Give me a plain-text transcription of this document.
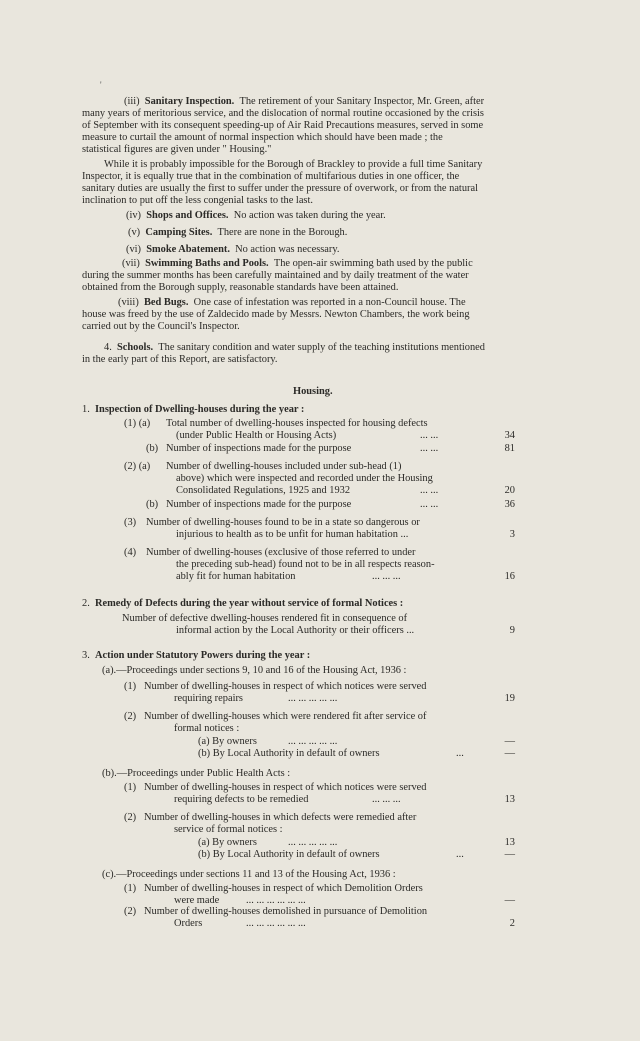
'
(iii) Sanitary Inspection. The retirement of your Sanitary Inspector, Mr. Green, after
many years of meritorious service, and the dislocation of normal routine occasioned by the crisis
of September with its consequent speeding-up of Air Raid Precautions measures, served in some
measure to curtail the amount of normal inspection which should have been made ; the
statistical figures are given under " Housing."
While it is probably impossible for the Borough of Brackley to provide a full time Sanitary
Inspector, it is equally true that in the combination of multifarious duties in one officer, the
sanitary duties are usually the first to suffer under the pressure of overwork, or from the natural
inclination to put off the less congenial tasks to the last.
(iv) Shops and Offices. No action was taken during the year.
(v) Camping Sites. There are none in the Borough.
(vi) Smoke Abatement. No action was necessary.
(vii) Swimming Baths and Pools. The open-air swimming bath used by the public
during the summer months has been carefully maintained and by daily treatment of the water
obtained from the Borough supply, reasonable standards have been attained.
(viii) Bed Bugs. One case of infestation was reported in a non-Council house. The
house was freed by the use of Zaldecido made by Messrs. Newton Chambers, the work being
carried out by the Council's Inspector.
4. Schools. The sanitary condition and water supply of the teaching institutions mentioned
in the early part of this Report, are satisfactory.
Housing.
1. Inspection of Dwelling-houses during the year :
(1) (a) Total number of dwelling-houses inspected for housing defects
(under Public Health or Housing Acts)	... ...	34
(b) Number of inspections made for the purpose	... ...	81
(2) (a) Number of dwelling-houses included under sub-head (1)
above) which were inspected and recorded under the Housing
Consolidated Regulations, 1925 and 1932	... ...	20
(b) Number of inspections made for the purpose	... ...	36
(3) Number of dwelling-houses found to be in a state so dangerous or
injurious to health as to be unfit for human habitation ...	3
(4) Number of dwelling-houses (exclusive of those referred to under
the preceding sub-head) found not to be in all respects reason-
ably fit for human habitation	... ... ...	16
2. Remedy of Defects during the year without service of formal Notices :
Number of defective dwelling-houses rendered fit in consequence of
informal action by the Local Authority or their officers ...	9
3. Action under Statutory Powers during the year :
(a).—Proceedings under sections 9, 10 and 16 of the Housing Act, 1936 :
(1) Number of dwelling-houses in respect of which notices were served
requiring repairs	... ... ... ... ...	19
(2) Number of dwelling-houses which were rendered fit after service of
formal notices :
(a) By owners	... ... ... ... ...	—
(b) By Local Authority in default of owners	...	—
(b).—Proceedings under Public Health Acts :
(1) Number of dwelling-houses in respect of which notices were served
requiring defects to be remedied	... ... ...	13
(2) Number of dwelling-houses in which defects were remedied after
service of formal notices :
(a) By owners	... ... ... ... ...	13
(b) By Local Authority in default of owners	...	—
(c).—Proceedings under sections 11 and 13 of the Housing Act, 1936 :
(1) Number of dwelling-houses in respect of which Demolition Orders
were made	... ... ... ... ... ...	—
(2) Number of dwelling-houses demolished in pursuance of Demolition
Orders	... ... ... ... ... ...	2
